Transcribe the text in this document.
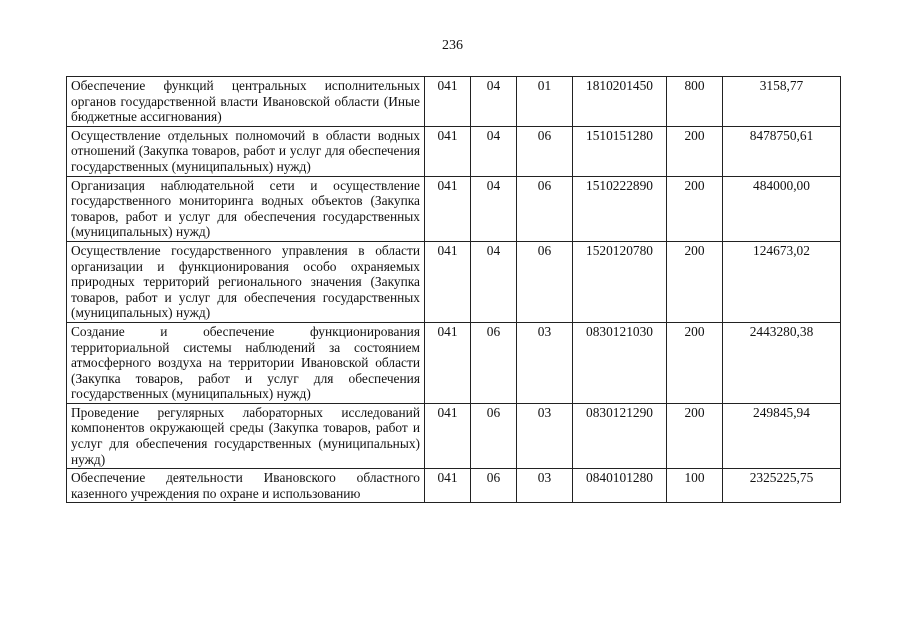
236
Обеспечение функций центральных исполнительных органов государственной власти Ивановской области (Иные бюджетные ассигнования)	041	04	01	1810201450	800	3158,77

Осуществление отдельных полномочий в области водных отношений (Закупка товаров, работ и услуг для обеспечения государственных (муниципальных) нужд)	041	04	06	1510151280	200	8478750,61

Организация наблюдательной сети и осуществление государственного мониторинга водных объектов (Закупка товаров, работ и услуг для обеспечения государственных (муниципальных) нужд)	041	04	06	1510222890	200	484000,00

Осуществление государственного управления в области организации и функционирования особо охраняемых природных территорий регионального значения (Закупка товаров, работ и услуг для обеспечения государственных (муниципальных) нужд)	041	04	06	1520120780	200	124673,02

Создание и обеспечение функционирования территориальной системы наблюдений за состоянием атмосферного воздуха на территории Ивановской области (Закупка товаров, работ и услуг для обеспечения государственных (муниципальных) нужд)	041	06	03	0830121030	200	2443280,38

Проведение регулярных лабораторных исследований компонентов окружающей среды (Закупка товаров, работ и услуг для обеспечения государственных (муниципальных) нужд)	041	06	03	0830121290	200	249845,94

Обеспечение деятельности Ивановского областного казенного учреждения по охране и использованию	041	06	03	0840101280	100	2325225,75
